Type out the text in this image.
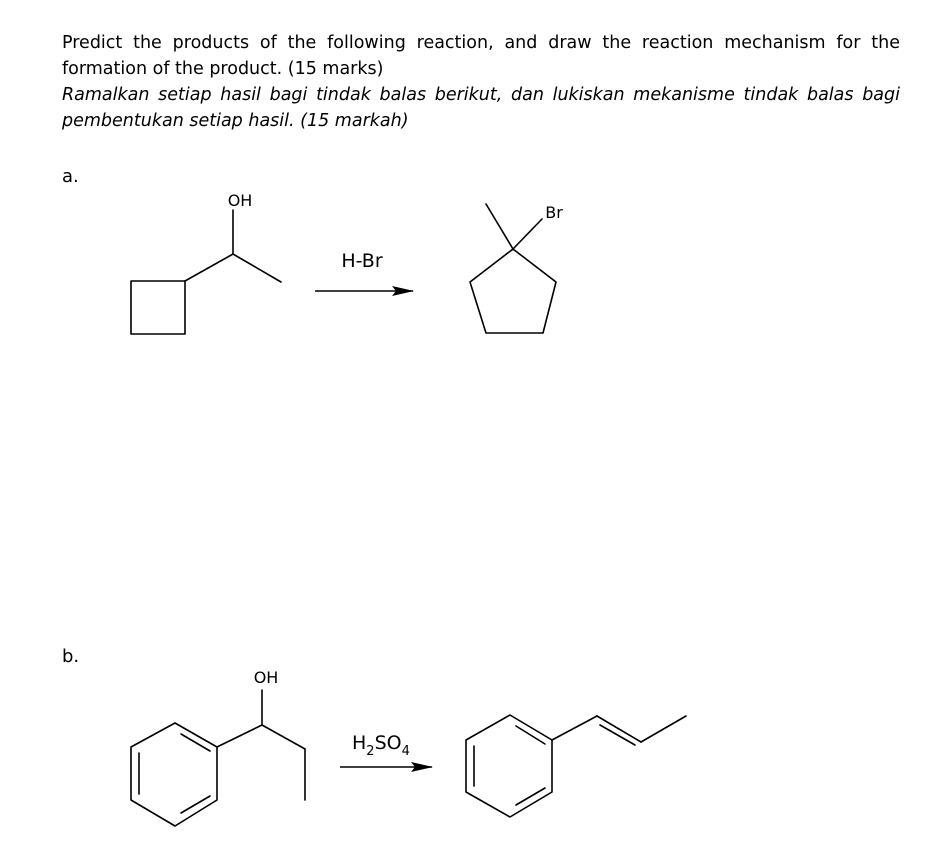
Predict the products of the following reaction, and draw the reaction mechanism for the formation of the product. (15 marks)
Ramalkan setiap hasil bagi tindak balas berikut, dan lukiskan mekanisme tindak balas bagi pembentukan setiap hasil. (15 markah)
a.
b.
OH
H-Br
Br
OH
$H_2SO_4$
